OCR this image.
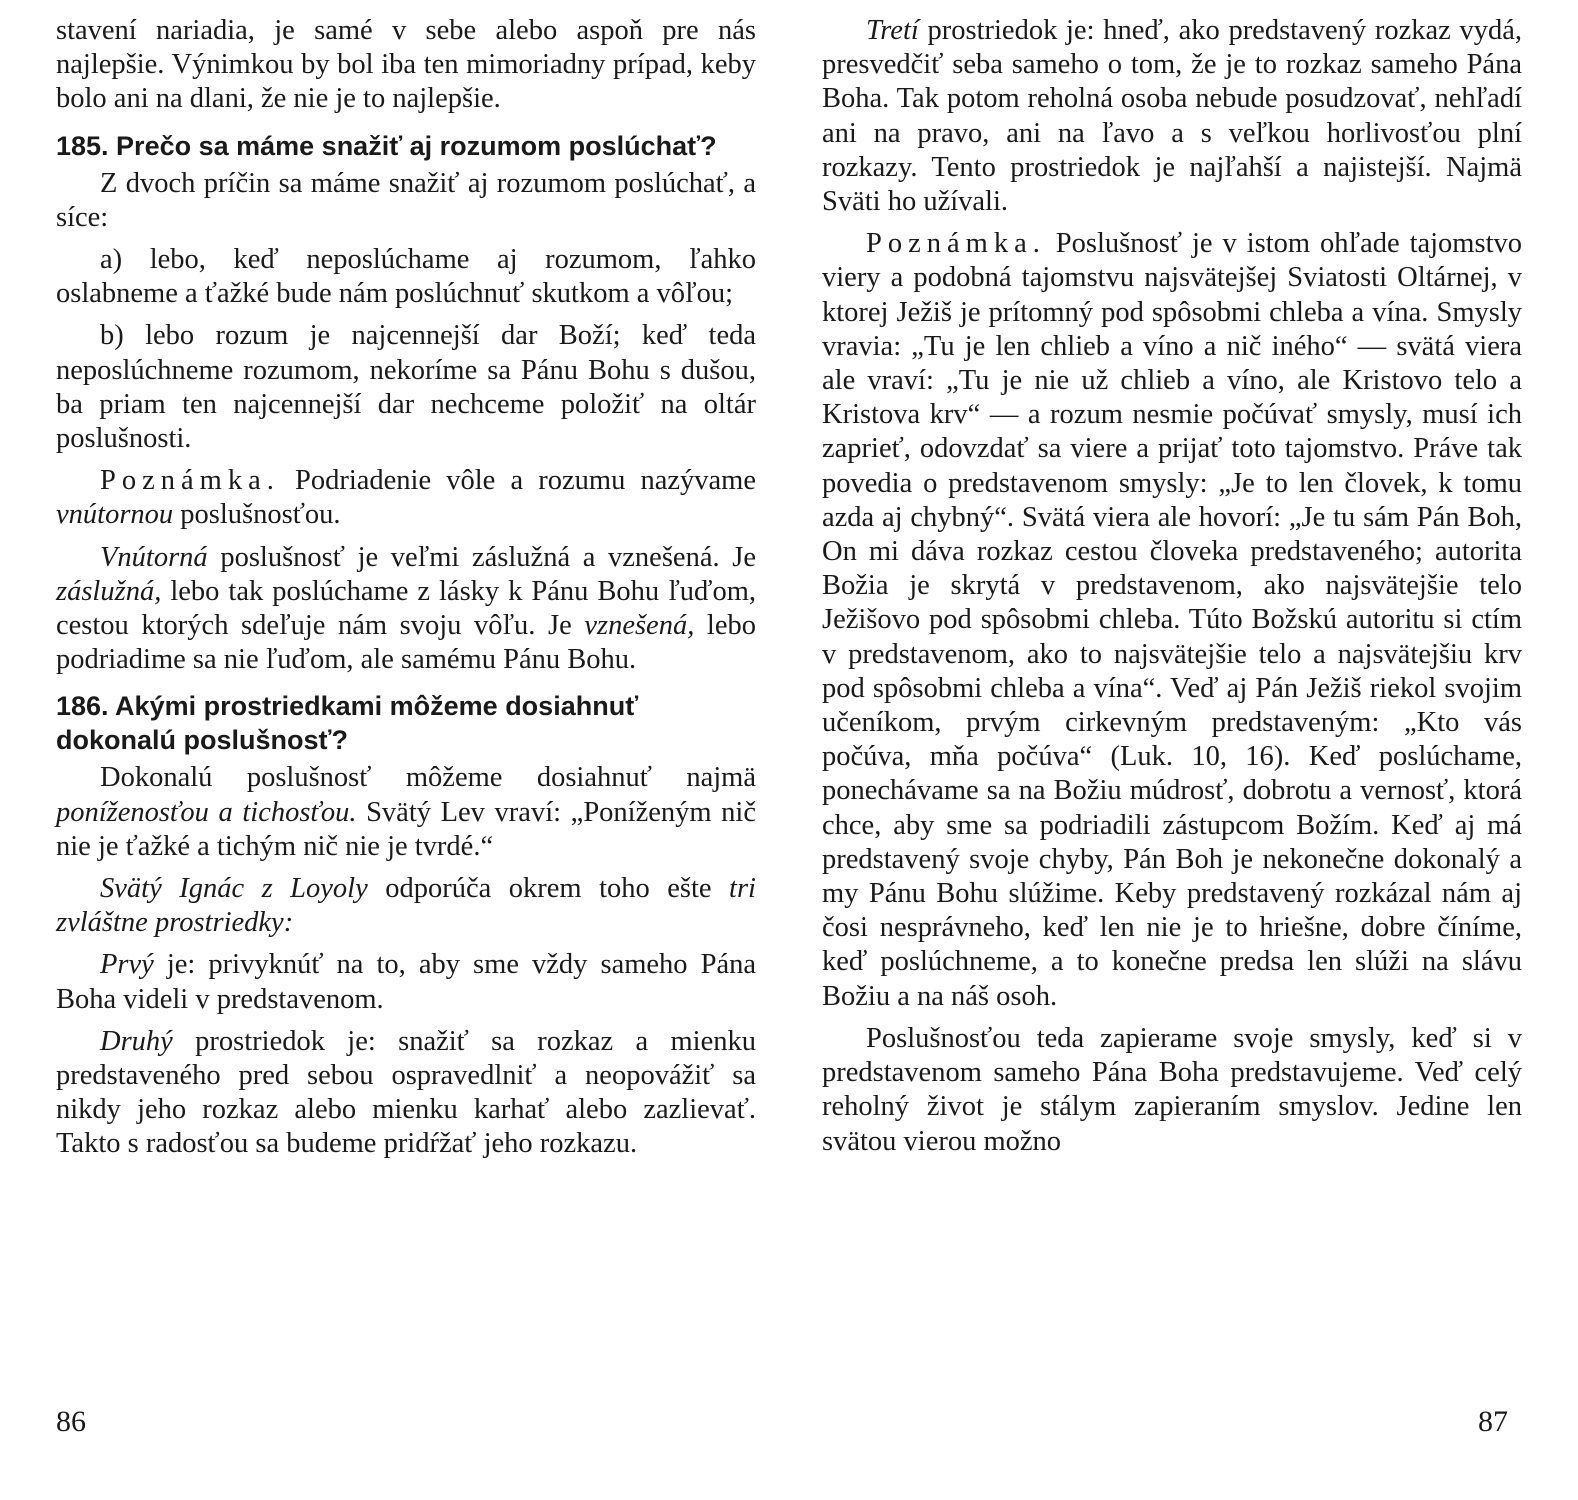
stavení nariadia, je samé v sebe alebo aspoň pre nás najlepšie. Výnimkou by bol iba ten mimoriadny prípad, keby bolo ani na dlani, že nie je to najlepšie.

185. Prečo sa máme snažiť aj rozumom poslúchať?

Z dvoch príčin sa máme snažiť aj rozumom poslúchať, a síce:

a) lebo, keď neposlúchame aj rozumom, ľahko oslabneme a ťažké bude nám poslúchnuť skutkom a vôľou;

b) lebo rozum je najcennejší dar Boží; keď teda neposlúchneme rozumom, nekoríme sa Pánu Bohu s dušou, ba priam ten najcennejší dar nechceme položiť na oltár poslušnosti.

Poznámka. Podriadenie vôle a rozumu nazývame vnútornou poslušnosťou.

Vnútorná poslušnosť je veľmi záslužná a vznešená. Je záslužná, lebo tak poslúchame z lásky k Pánu Bohu ľuďom, cestou ktorých sdeľuje nám svoju vôľu. Je vznešená, lebo podriadime sa nie ľuďom, ale samému Pánu Bohu.

186. Akými prostriedkami môžeme dosiahnuť dokonalú poslušnosť?

Dokonalú poslušnosť môžeme dosiahnuť najmä poníženosťou a tichosťou. Svätý Lev vraví: „Poníženým nič nie je ťažké a tichým nič nie je tvrdé.“

Svätý Ignác z Loyoly odporúča okrem toho ešte tri zvláštne prostriedky:

Prvý je: privyknúť na to, aby sme vždy sameho Pána Boha videli v predstavenom.

Druhý prostriedok je: snažiť sa rozkaz a mienku predstaveného pred sebou ospravedlniť a neopovážiť sa nikdy jeho rozkaz alebo mienku karhať alebo zazlievať. Takto s radosťou sa budeme pridŕžať jeho rozkazu.

Tretí prostriedok je: hneď, ako predstavený rozkaz vydá, presvedčiť seba sameho o tom, že je to rozkaz sameho Pána Boha. Tak potom reholná osoba nebude posudzovať, nehľadí ani na pravo, ani na ľavo a s veľkou horlivosťou plní rozkazy. Tento prostriedok je najľahší a najistejší. Najmä Sväti ho užívali.

Poznámka. Poslušnosť je v istom ohľade tajomstvo viery a podobná tajomstvu najsvätejšej Sviatosti Oltárnej, v ktorej Ježiš je prítomný pod spôsobmi chleba a vína. Smysly vravia: „Tu je len chlieb a víno a nič iného“ — svätá viera ale vraví: „Tu je nie už chlieb a víno, ale Kristovo telo a Kristova krv“ — a rozum nesmie počúvať smysly, musí ich zaprieť, odovzdať sa viere a prijať toto tajomstvo. Práve tak povedia o predstavenom smysly: „Je to len človek, k tomu azda aj chybný“. Svätá viera ale hovorí: „Je tu sám Pán Boh, On mi dáva rozkaz cestou človeka predstaveného; autorita Božia je skrytá v predstavenom, ako najsvätejšie telo Ježišovo pod spôsobmi chleba. Túto Božskú autoritu si ctím v predstavenom, ako to najsvätejšie telo a najsvätejšiu krv pod spôsobmi chleba a vína“. Veď aj Pán Ježiš riekol svojim učeníkom, prvým cirkevným predstaveným: „Kto vás počúva, mňa počúva“ (Luk. 10, 16). Keď poslúchame, ponechávame sa na Božiu múdrosť, dobrotu a vernosť, ktorá chce, aby sme sa podriadili zástupcom Božím. Keď aj má predstavený svoje chyby, Pán Boh je nekonečne dokonalý a my Pánu Bohu slúžime. Keby predstavený rozkázal nám aj čosi nesprávneho, keď len nie je to hriešne, dobre číníme, keď poslúchneme, a to konečne predsa len slúži na slávu Božiu a na náš osoh.

Poslušnosťou teda zapierame svoje smysly, keď si v predstavenom sameho Pána Boha predstavujeme. Veď celý reholný život je stálym zapieraním smyslov. Jedine len svätou vierou možno

86	87
